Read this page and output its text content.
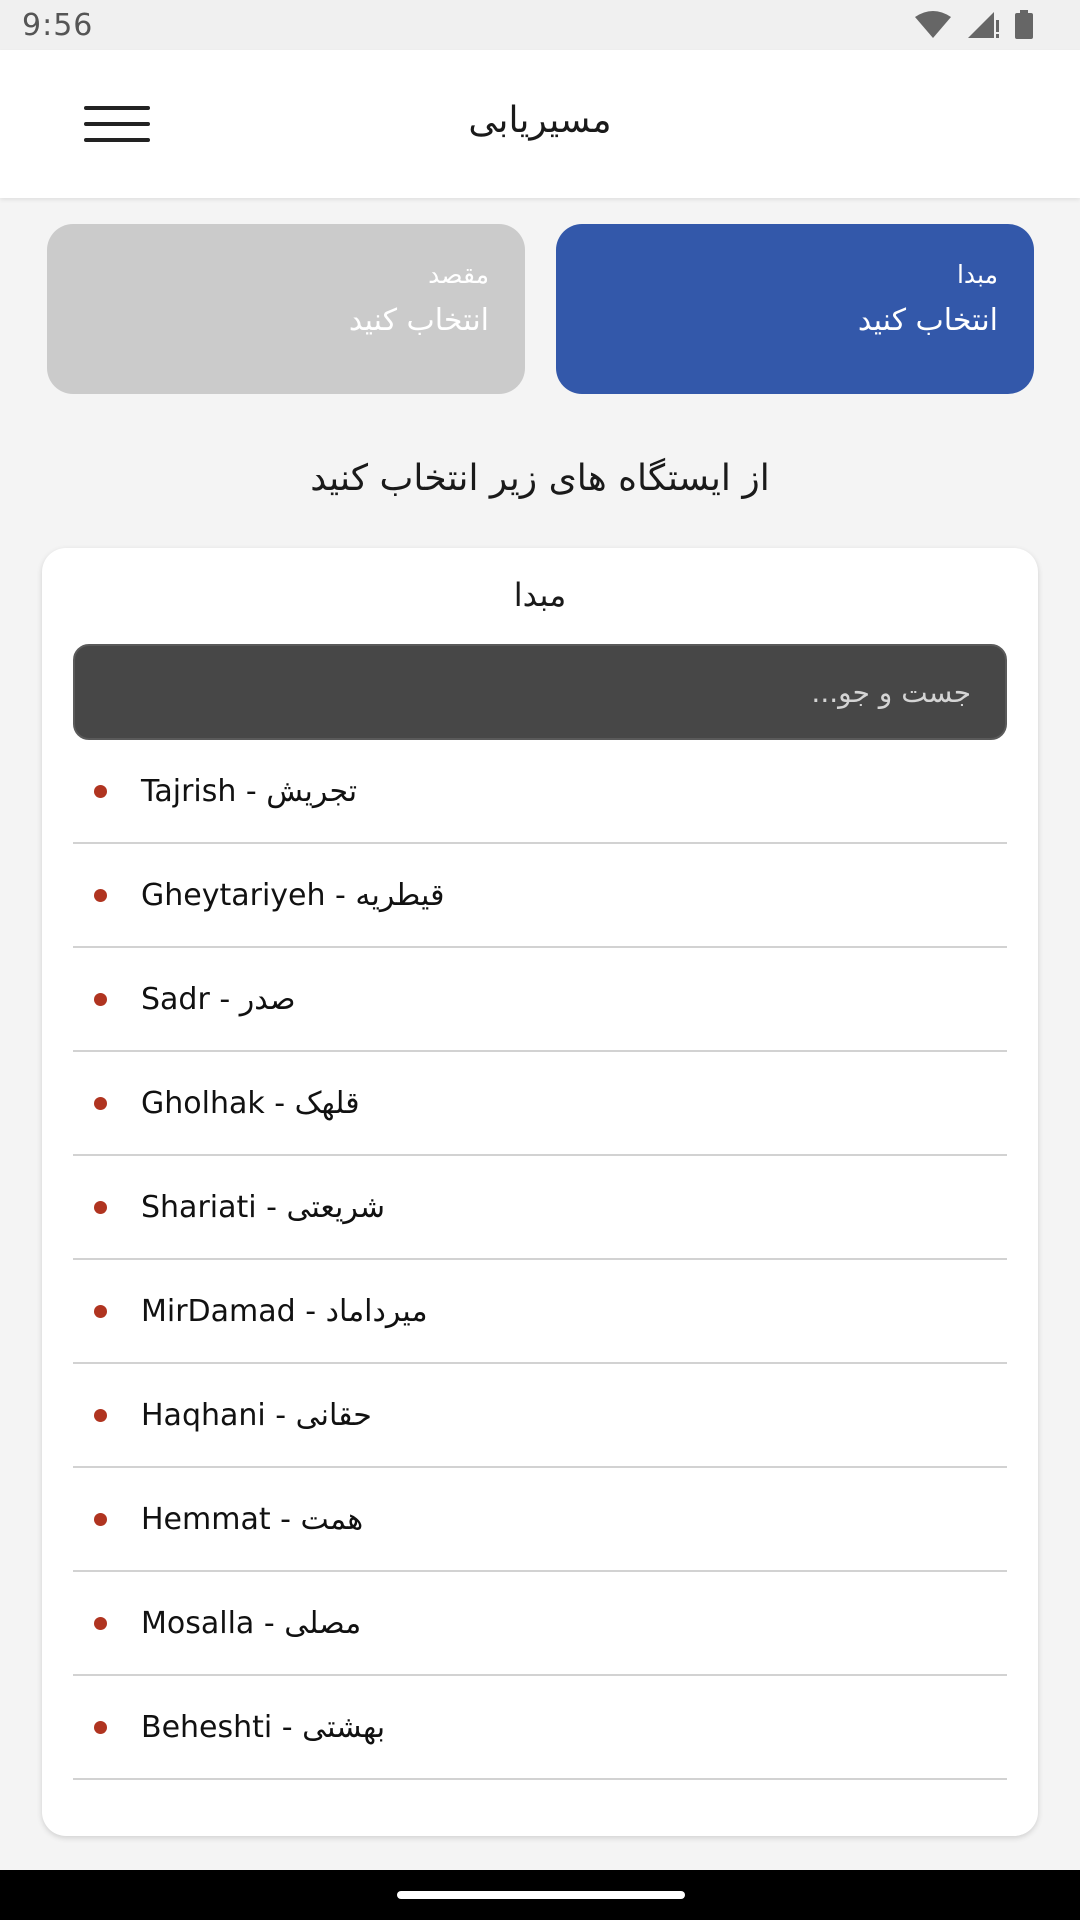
9:56
مسیریابی
مبدا
انتخاب کنید
مقصد
انتخاب کنید
از ایستگاه های زیر انتخاب کنید
مبدا
جست و جو...
Tajrish - تجریش
Gheytariyeh - قیطریه
Sadr - صدر
Gholhak - قلهک
Shariati - شریعتی
MirDamad - میرداماد
Haqhani - حقانی
Hemmat - همت
Mosalla - مصلی
Beheshti - بهشتی
